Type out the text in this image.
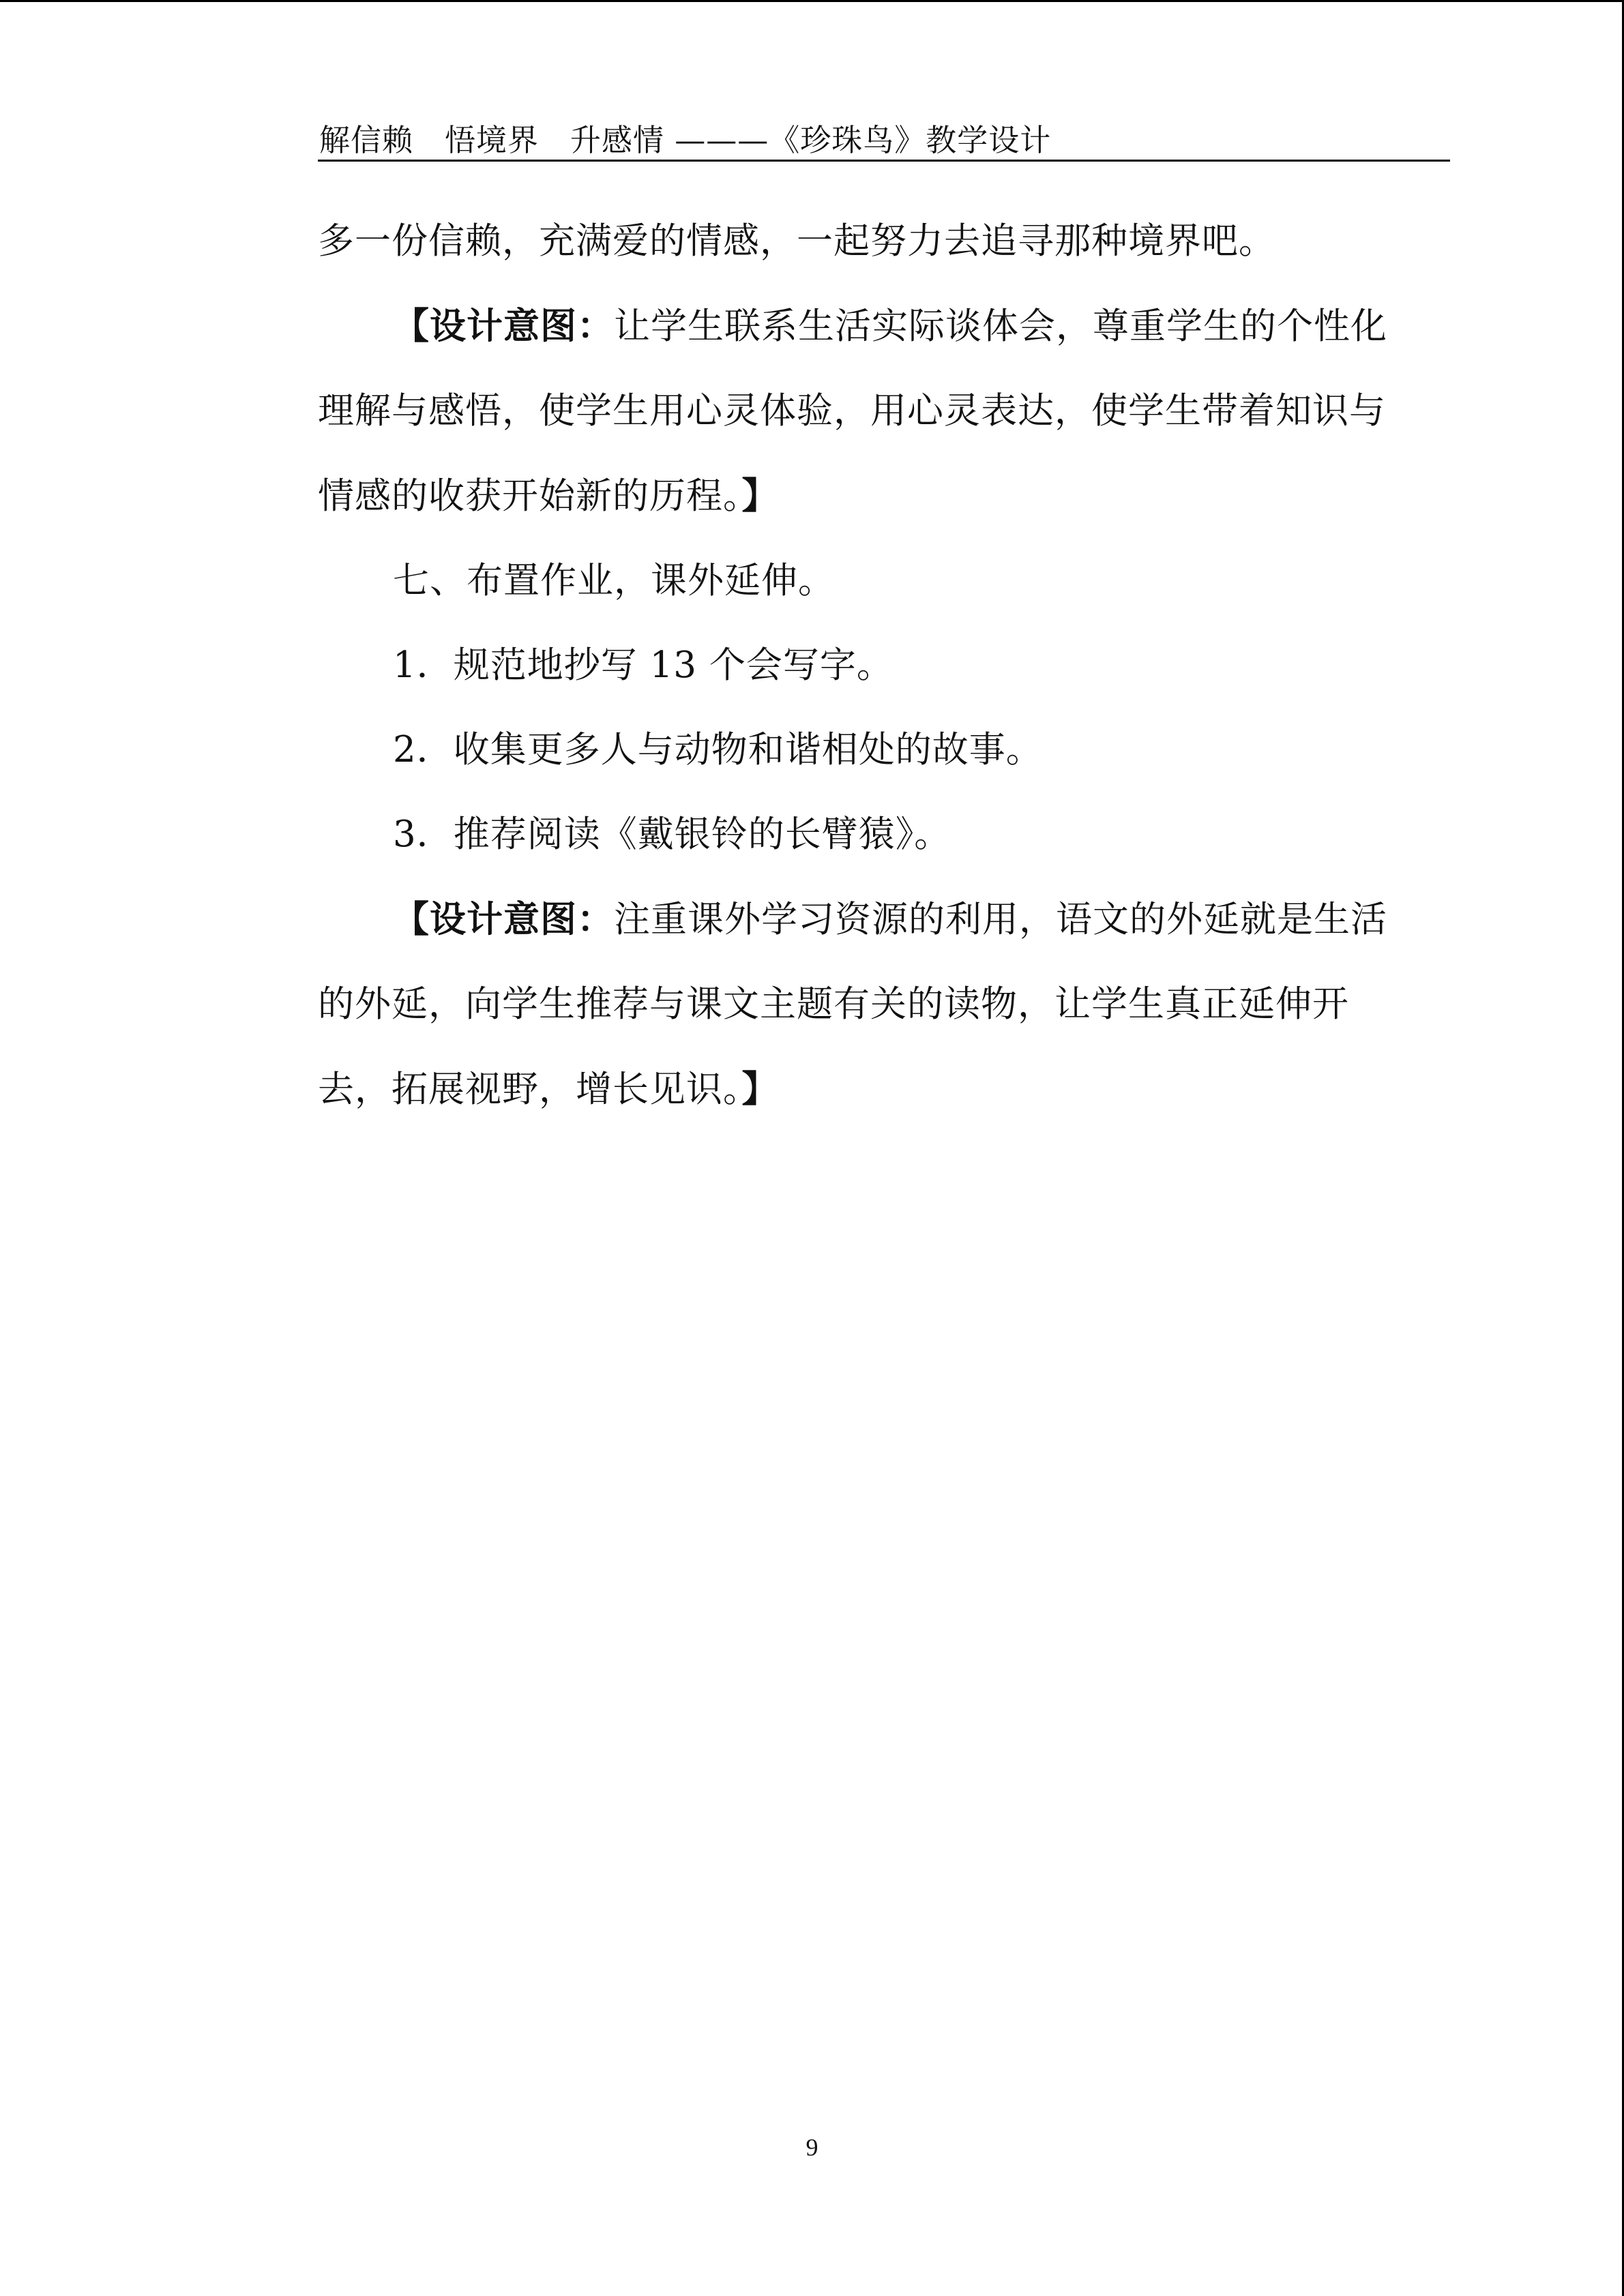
解信赖　悟境界　升感情 ———《珍珠鸟》教学设计

多一份信赖，充满爱的情感，一起努力去追寻那种境界吧。

【设计意图：让学生联系生活实际谈体会，尊重学生的个性化
理解与感悟，使学生用心灵体验，用心灵表达，使学生带着知识与
情感的收获开始新的历程。】

七、布置作业，课外延伸。

1．规范地抄写 13 个会写字。

2．收集更多人与动物和谐相处的故事。

3．推荐阅读《戴银铃的长臂猿》。

【设计意图：注重课外学习资源的利用，语文的外延就是生活
的外延，向学生推荐与课文主题有关的读物，让学生真正延伸开
去，拓展视野，增长见识。】

9
